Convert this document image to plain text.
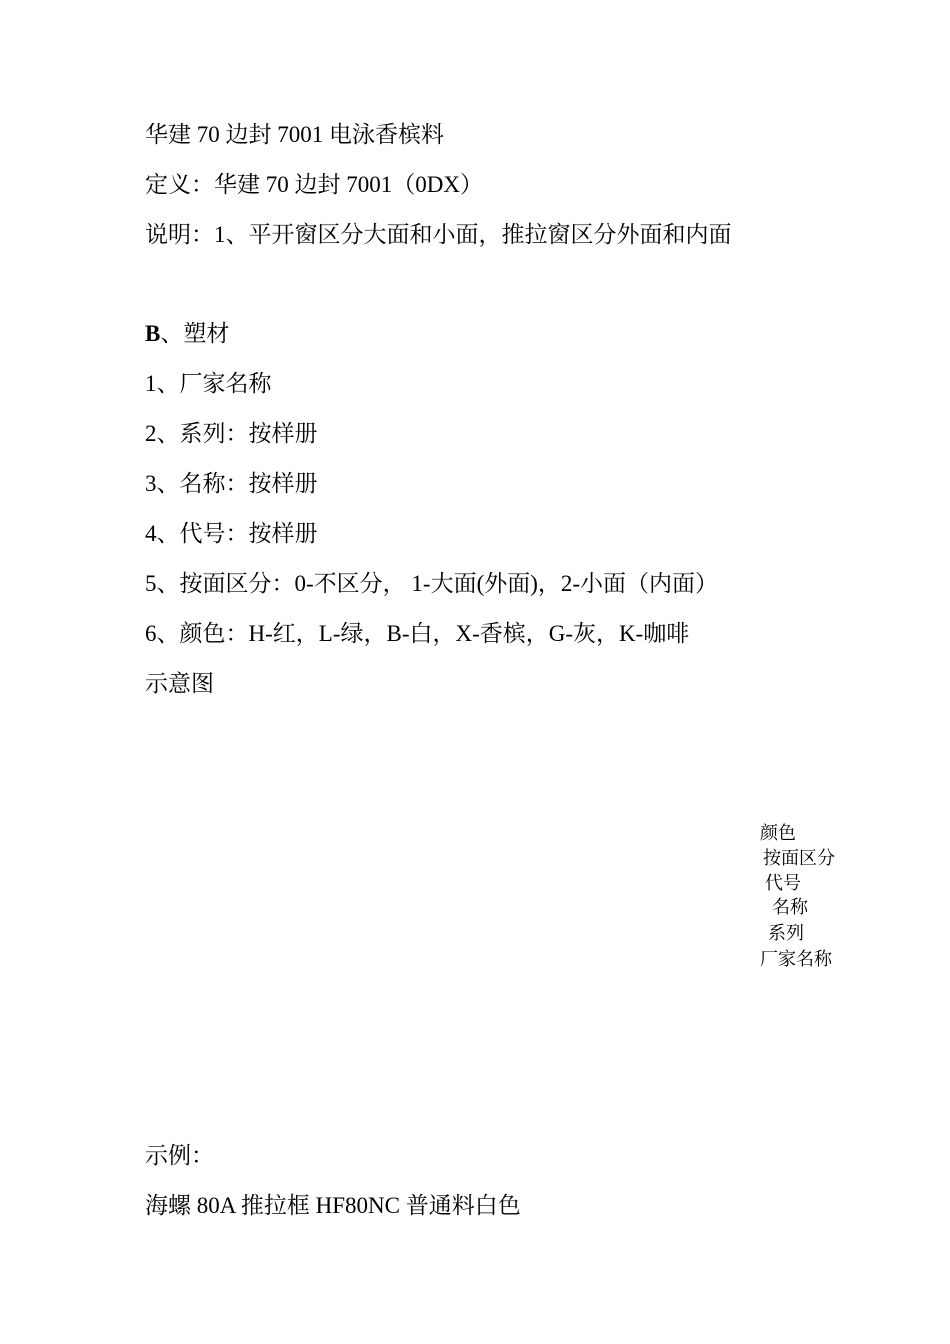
华建 70 边封 7001 电泳香槟料
定义：华建 70 边封 7001（0DX）
说明：1、平开窗区分大面和小面，推拉窗区分外面和内面
B、塑材
1、厂家名称
2、系列：按样册
3、名称：按样册
4、代号：按样册
5、按面区分：0-不区分， 1-大面(外面)，2-小面（内面）
6、颜色：H-红，L-绿，B-白，X-香槟，G-灰，K-咖啡
示意图
颜色
按面区分
代号
名称
系列
厂家名称
示例：
海螺 80A 推拉框 HF80NC 普通料白色
